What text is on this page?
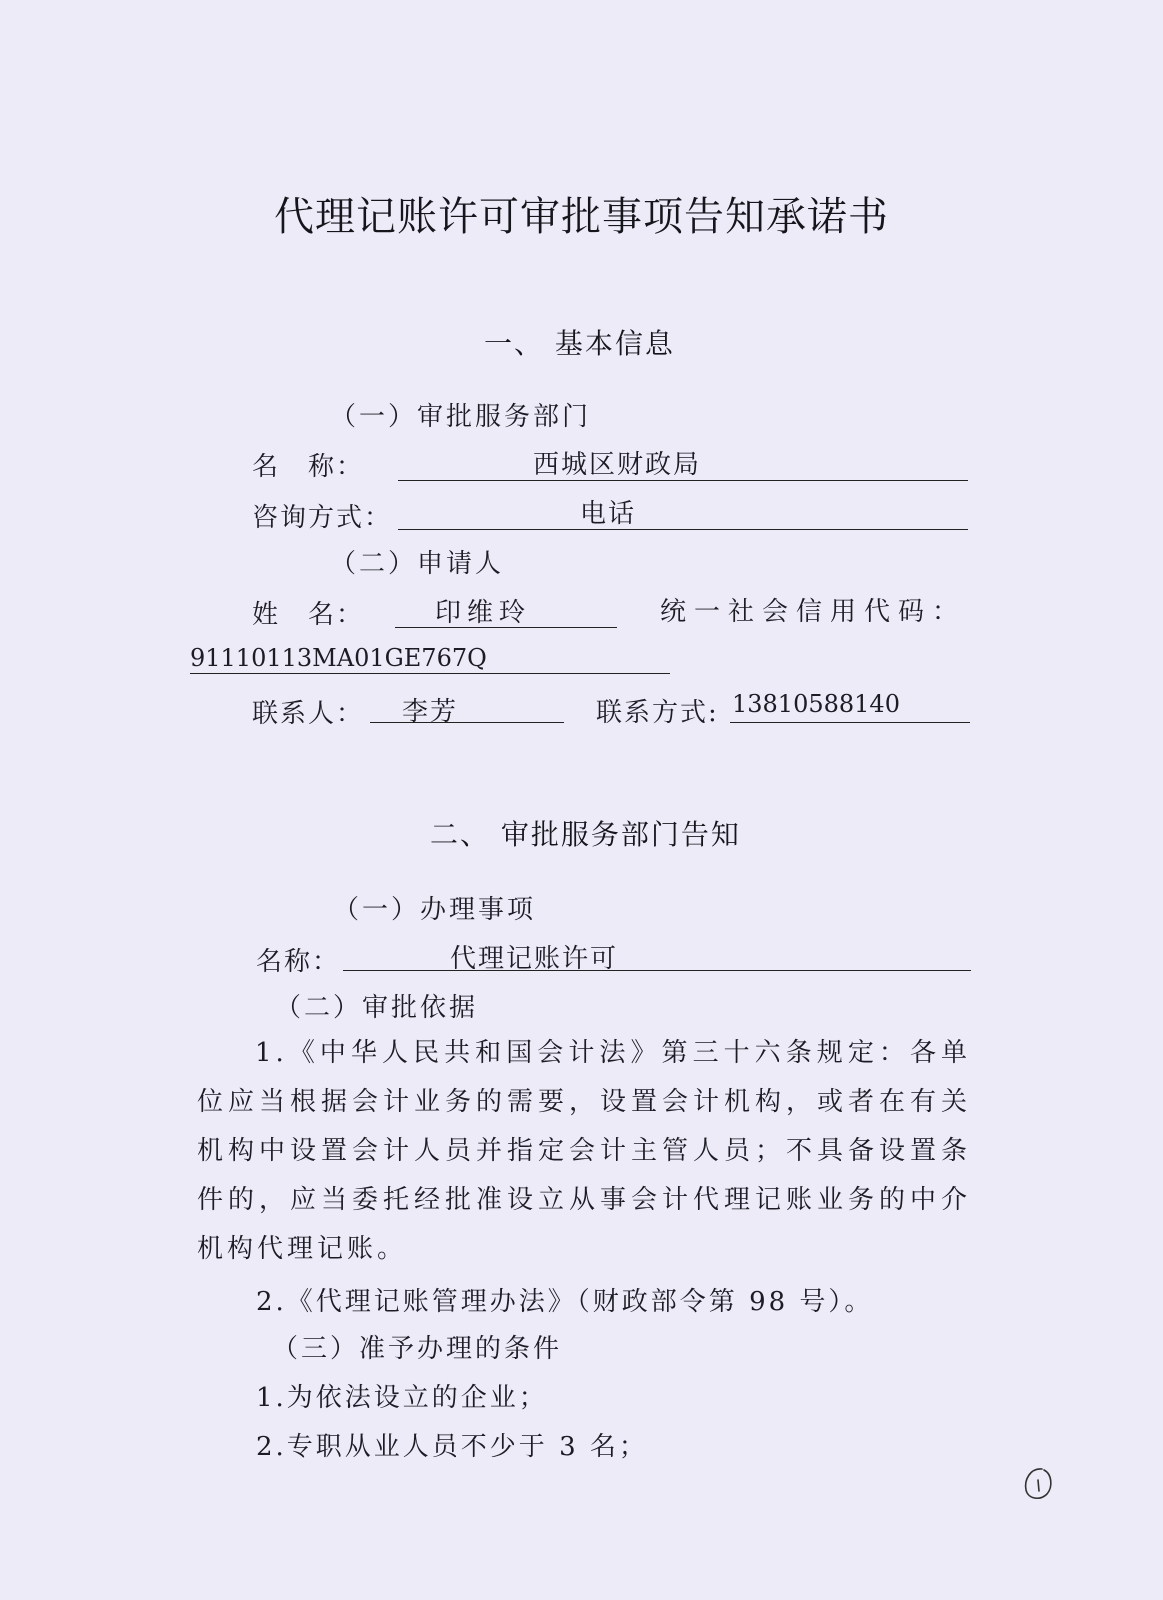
代理记账许可审批事项告知承诺书
一、 基本信息
（一）审批服务部门
名　称：	西城区财政局
咨询方式：	电话
（二）申请人
姓　名：	印维玲	统一社会信用代码：
91110113MA01GE767Q
联系人： 李芳	联系方式: 13810588140
二、 审批服务部门告知
（一）办理事项
名称：	代理记账许可
（二）审批依据
1.《中华人民共和国会计法》第三十六条规定：各单位应当根据会计业务的需要，设置会计机构，或者在有关机构中设置会计人员并指定会计主管人员；不具备设置条件的，应当委托经批准设立从事会计代理记账业务的中介机构代理记账。
2.《代理记账管理办法》（财政部令第 98 号）。
（三）准予办理的条件
1.为依法设立的企业；
2.专职从业人员不少于 3 名；
